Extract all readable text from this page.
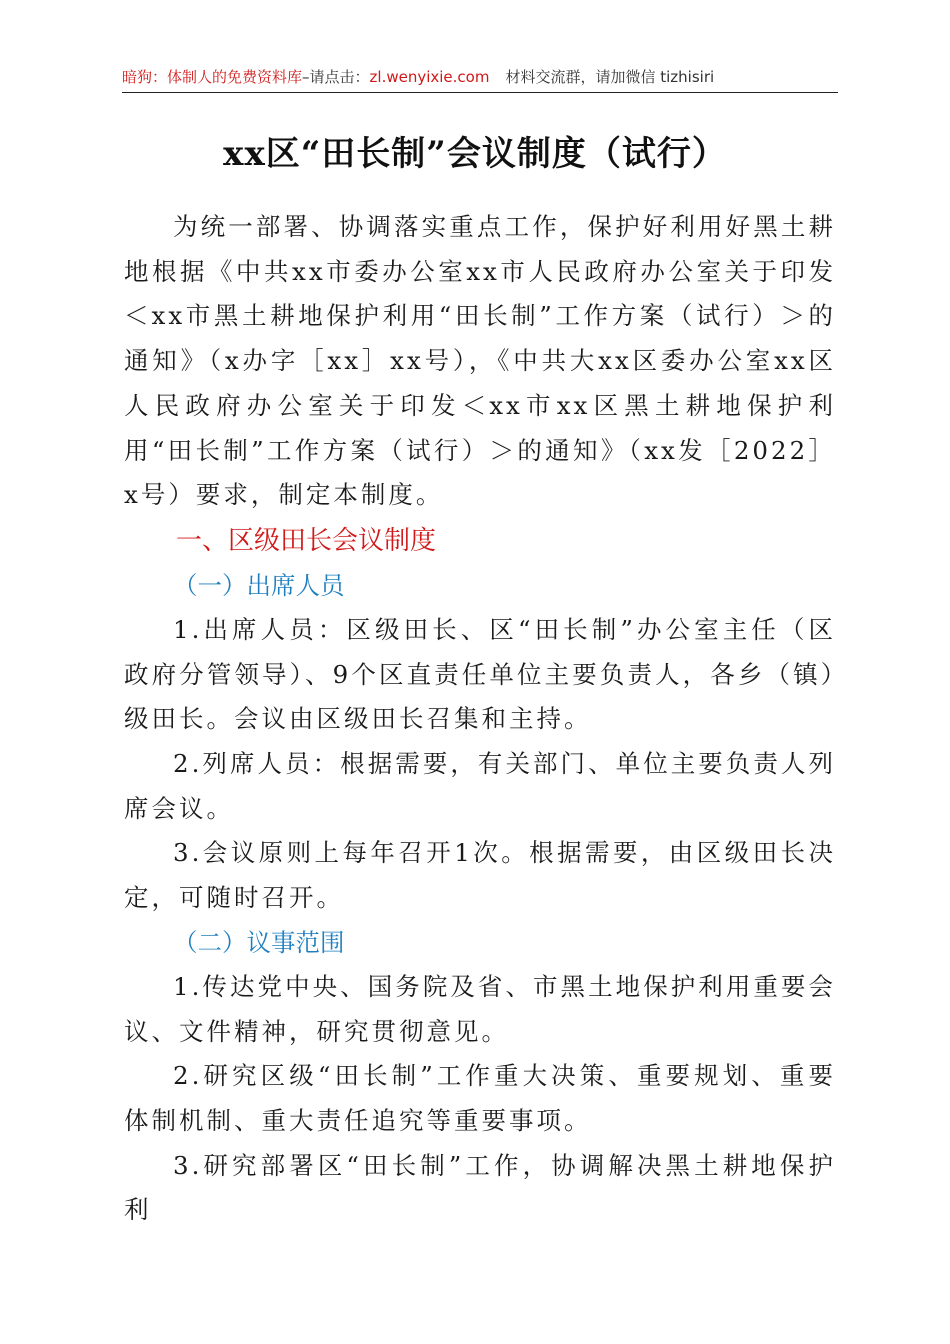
暗狗：体制人的免费资料库–请点击：zl.wenyixie.com 材料交流群，请加微信 tizhisiri
xx区“田长制”会议制度（试行）

为统一部署、协调落实重点工作，保护好利用好黑土耕地根据《中共xx市委办公室xx市人民政府办公室关于印发＜xx市黑土耕地保护利用“田长制”工作方案（试行）＞的通知》（x办字［xx］xx号），《中共大xx区委办公室xx区人民政府办公室关于印发＜xx市xx区黑土耕地保护利用“田长制”工作方案（试行）＞的通知》（xx发［2022］x号）要求，制定本制度。

一、区级田长会议制度

（一）出席人员

1.出席人员：区级田长、区“田长制”办公室主任（区政府分管领导）、9个区直责任单位主要负责人，各乡（镇）级田长。会议由区级田长召集和主持。

2.列席人员：根据需要，有关部门、单位主要负责人列席会议。

3.会议原则上每年召开1次。根据需要，由区级田长决定，可随时召开。

（二）议事范围

1.传达党中央、国务院及省、市黑土地保护利用重要会议、文件精神，研究贯彻意见。

2.研究区级“田长制”工作重大决策、重要规划、重要体制机制、重大责任追究等重要事项。

3.研究部署区“田长制”工作，协调解决黑土耕地保护利
